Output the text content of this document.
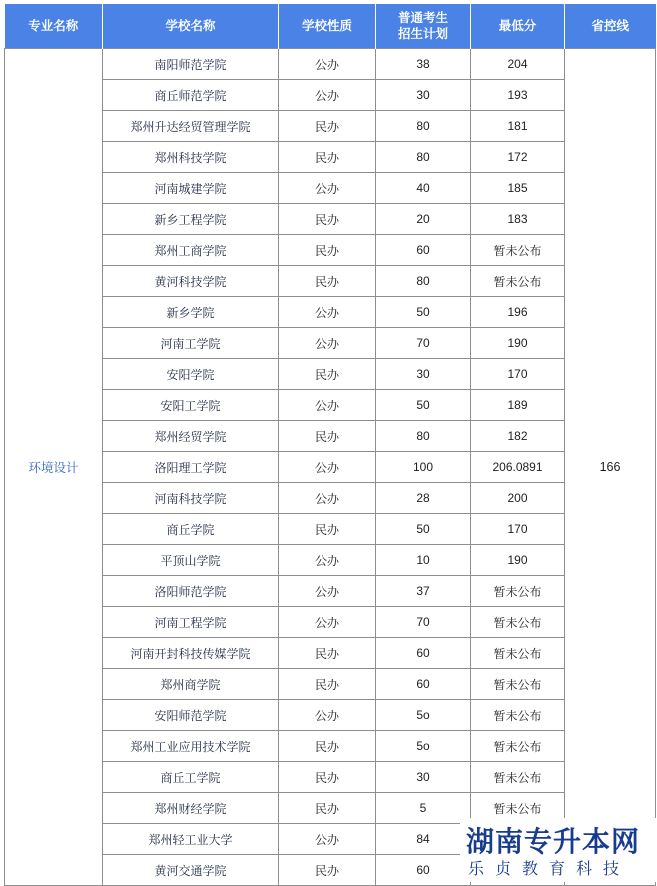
专业名称	学校名称	学校性质	普通考生
招生计划	最低分	省控线
环境设计	南阳师范学院	公办	38	204	166
	商丘师范学院	公办	30	193	
	郑州升达经贸管理学院	民办	80	181	
	郑州科技学院	民办	80	172	
	河南城建学院	公办	40	185	
	新乡工程学院	民办	20	183	
	郑州工商学院	民办	60	暂未公布	
	黄河科技学院	民办	80	暂未公布	
	新乡学院	公办	50	196	
	河南工学院	公办	70	190	
	安阳学院	民办	30	170	
	安阳工学院	公办	50	189	
	郑州经贸学院	民办	80	182	
	洛阳理工学院	公办	100	206.0891	
	河南科技学院	公办	28	200	
	商丘学院	民办	50	170	
	平顶山学院	公办	10	190	
	洛阳师范学院	公办	37	暂未公布	
	河南工程学院	公办	70	暂未公布	
	河南开封科技传媒学院	民办	60	暂未公布	
	郑州商学院	民办	60	暂未公布	
	安阳师范学院	公办	5o	暂未公布	
	郑州工业应用技术学院	民办	5o	暂未公布	
	商丘工学院	民办	30	暂未公布	
	郑州财经学院	民办	5	暂未公布	
	郑州轻工业大学	公办	84		
	黄河交通学院	民办	60		
湖南专升本网
乐贞教育科技
